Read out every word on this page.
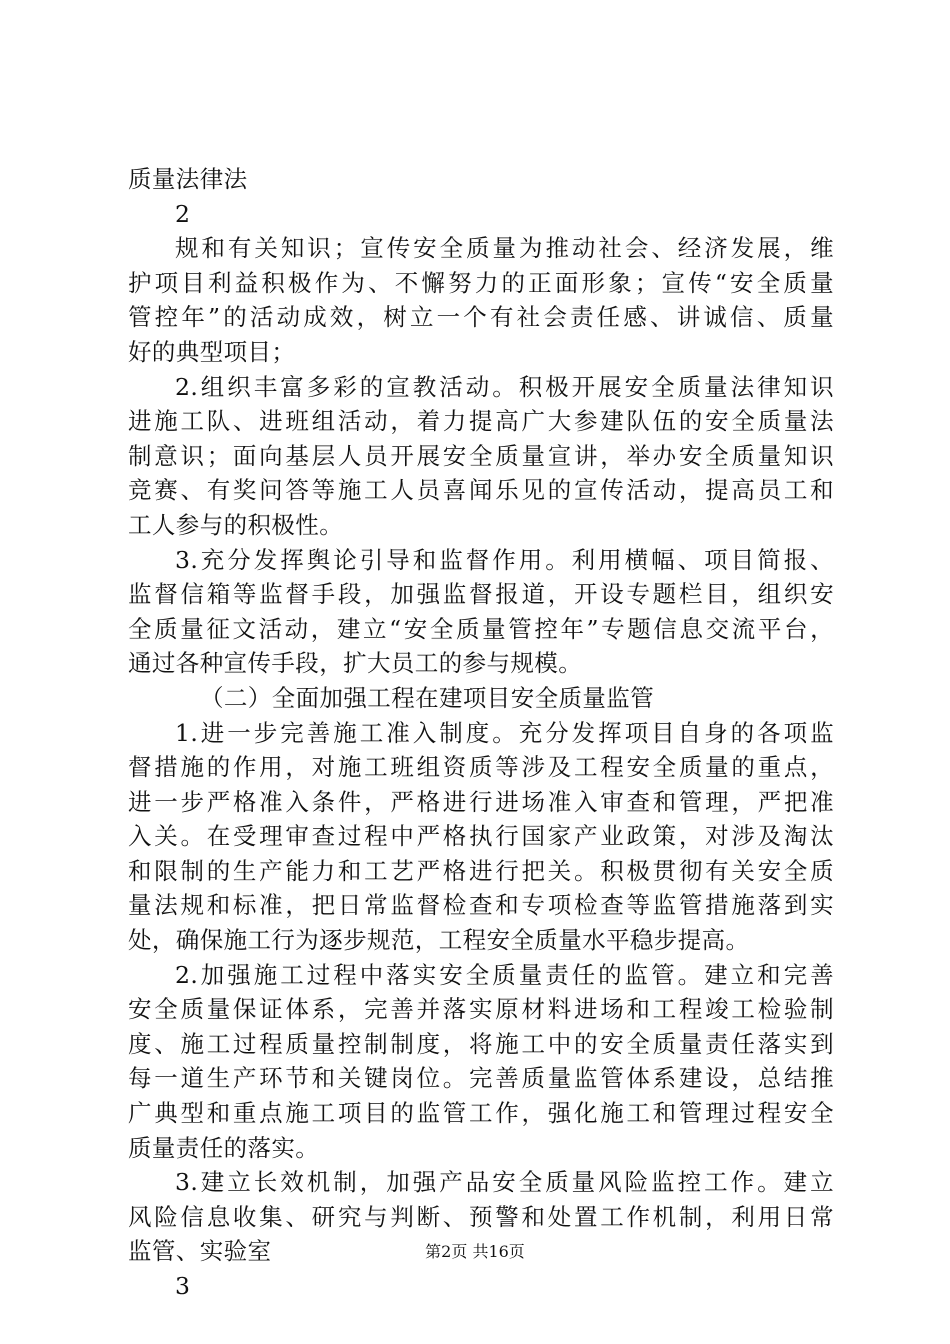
质量法律法
2
规和有关知识；宣传安全质量为推动社会、经济发展，维
护项目利益积极作为、不懈努力的正面形象；宣传“安全质量
管控年”的活动成效，树立一个有社会责任感、讲诚信、质量
好的典型项目；
2.组织丰富多彩的宣教活动。积极开展安全质量法律知识
进施工队、进班组活动，着力提高广大参建队伍的安全质量法
制意识；面向基层人员开展安全质量宣讲，举办安全质量知识
竞赛、有奖问答等施工人员喜闻乐见的宣传活动，提高员工和
工人参与的积极性。
3.充分发挥舆论引导和监督作用。利用横幅、项目简报、
监督信箱等监督手段，加强监督报道，开设专题栏目，组织安
全质量征文活动，建立“安全质量管控年”专题信息交流平台，
通过各种宣传手段，扩大员工的参与规模。
（二）全面加强工程在建项目安全质量监管
1.进一步完善施工准入制度。充分发挥项目自身的各项监
督措施的作用，对施工班组资质等涉及工程安全质量的重点，
进一步严格准入条件，严格进行进场准入审查和管理，严把准
入关。在受理审查过程中严格执行国家产业政策，对涉及淘汰
和限制的生产能力和工艺严格进行把关。积极贯彻有关安全质
量法规和标准，把日常监督检查和专项检查等监管措施落到实
处，确保施工行为逐步规范，工程安全质量水平稳步提高。
2.加强施工过程中落实安全质量责任的监管。建立和完善
安全质量保证体系，完善并落实原材料进场和工程竣工检验制
度、施工过程质量控制制度，将施工中的安全质量责任落实到
每一道生产环节和关键岗位。完善质量监管体系建设，总结推
广典型和重点施工项目的监管工作，强化施工和管理过程安全
质量责任的落实。
3.建立长效机制，加强产品安全质量风险监控工作。建立
风险信息收集、研究与判断、预警和处置工作机制，利用日常
监管、实验室
3
第2页 共16页
